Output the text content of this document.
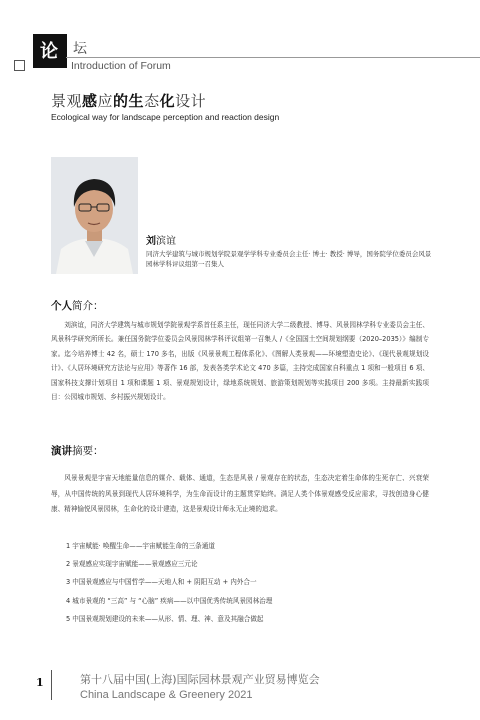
论 坛
Introduction of Forum
景观感应的生态化设计
Ecological way for landscape perception and reaction design
刘滨谊
同济大学建筑与城市规划学院景观学学科专业委员会主任· 博士· 教授· 博导，国务院学位委员会风景园林学科评议组第一召集人
个人简介：

刘滨谊，同济大学建筑与城市规划学院景观学系首任系主任，现任同济大学二级教授、博导、风景园林学科专业委员会主任、风景科学研究所所长。兼任国务院学位委员会风景园林学科评议组第一召集人 /《全国国土空间规划纲要（2020–2035）》编制专家。迄今培养博士 42 名，硕士 170 多名，出版《风景景观工程体系化》、《图解人类景观——环境塑造史论》、《现代景观规划设计》、《人居环境研究方法论与应用》等著作 16 部，发表各类学术论文 470 多篇，主持完成国家自科重点 1 项和一般项目 6 项、国家科技支撑计划项目 1 项和课题 1 项、景观规划设计，绿地系统规划、旅游策划规划等实践项目 200 多项。主持最新实践项目：公园城市规划、乡村振兴规划设计。

演讲摘要：

风景景观是宇宙天地能量信息的媒介、载体、通道，生态是风景 / 景观存在的状态，生态决定着生命体的生死存亡、兴衰荣辱，从中国传统的风景到现代人居环境科学，为生命而设计的主题贯穿始终。满足人类个体景观感受反应需求，寻找创造身心健康、精神愉悦风景园林，生命化的设计建造，这是景观设计师永无止境的追求。

1 宇宙赋能· 唤醒生命——宇宙赋能生命的三条通道
2 景观感应实现宇宙赋能——景观感应三元论
3 中国景观感应与中国哲学——天地人和 + 阴阳互动 + 内外合一
4 城市景观的 “三高” 与 “心脑” 疾病——以中国优秀传统风景园林治理
5 中国景观规划建设的未来——从形、情、理、神、意及其融合做起
1	第十八届中国(上海)国际园林景观产业贸易博览会
China Landscape & Greenery 2021
